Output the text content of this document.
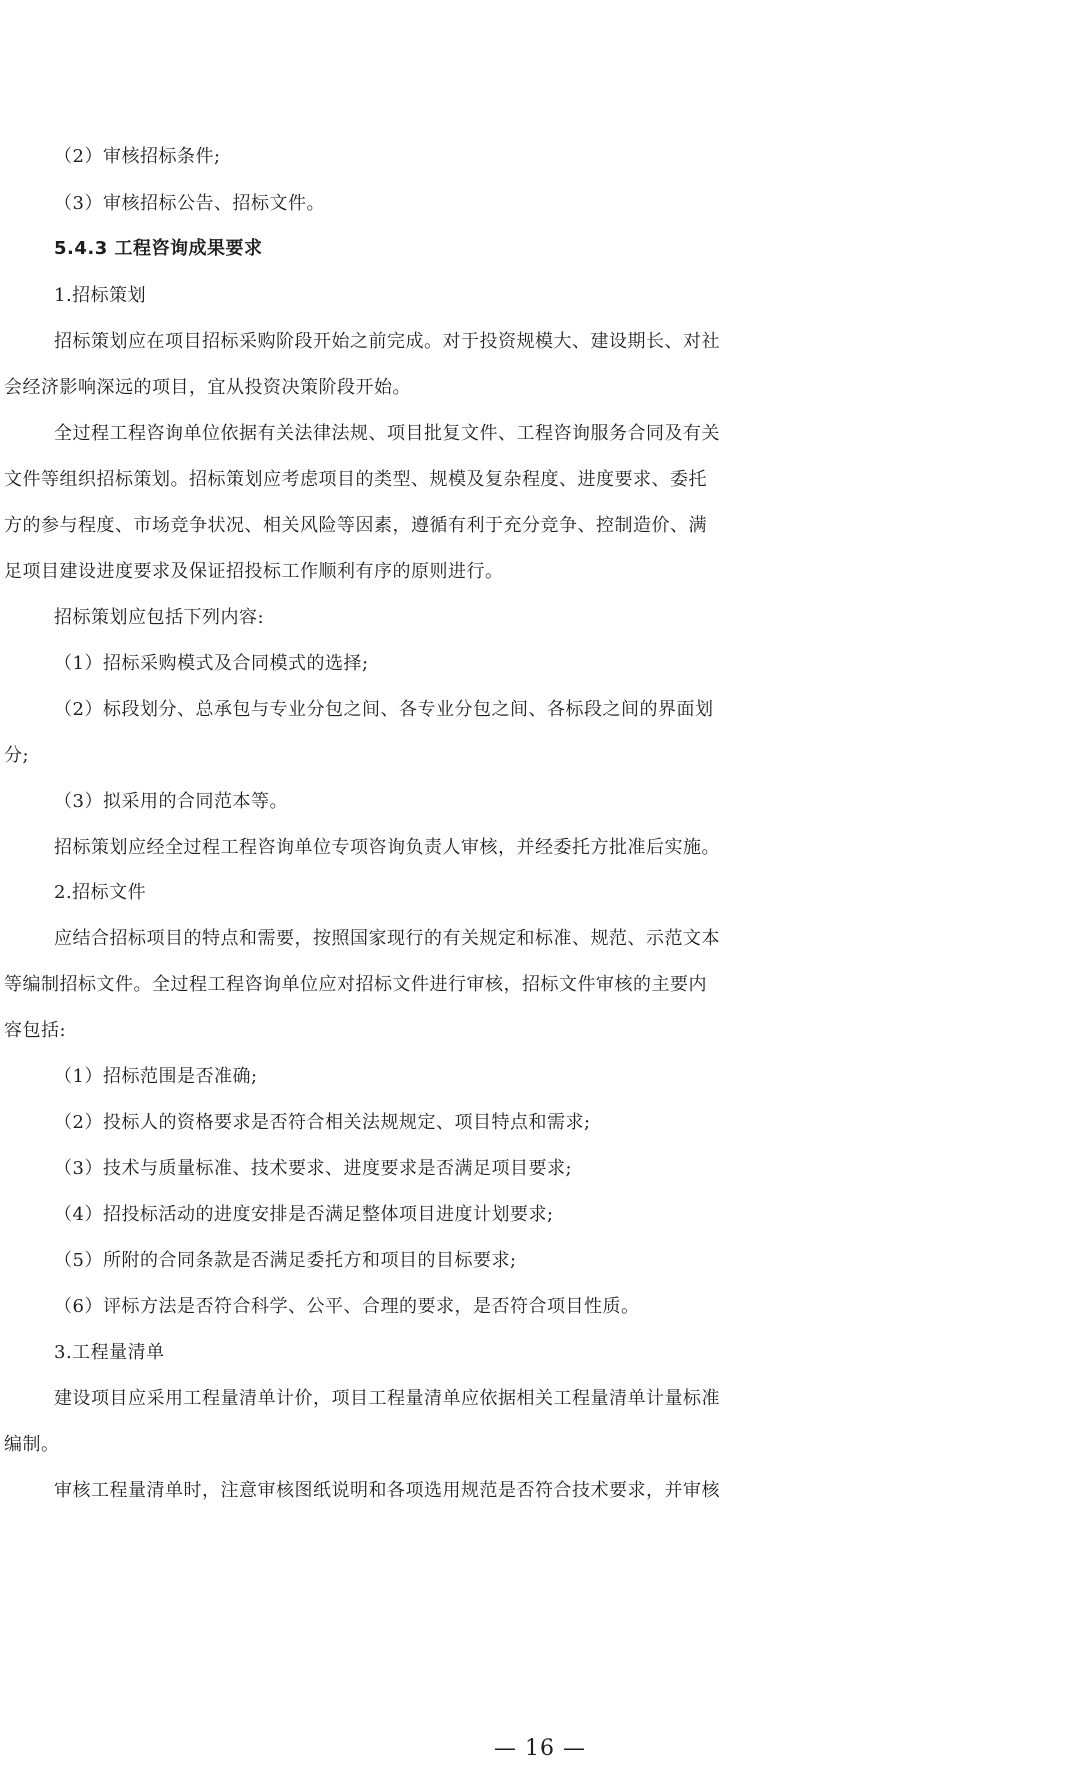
（2）审核招标条件;
（3）审核招标公告、招标文件。
5.4.3 工程咨询成果要求
1.招标策划
招标策划应在项目招标采购阶段开始之前完成。对于投资规模大、建设期长、对社
会经济影响深远的项目，宜从投资决策阶段开始。
全过程工程咨询单位依据有关法律法规、项目批复文件、工程咨询服务合同及有关
文件等组织招标策划。招标策划应考虑项目的类型、规模及复杂程度、进度要求、委托
方的参与程度、市场竞争状况、相关风险等因素，遵循有利于充分竞争、控制造价、满
足项目建设进度要求及保证招投标工作顺利有序的原则进行。
招标策划应包括下列内容:
（1）招标采购模式及合同模式的选择;
（2）标段划分、总承包与专业分包之间、各专业分包之间、各标段之间的界面划
分;
（3）拟采用的合同范本等。
招标策划应经全过程工程咨询单位专项咨询负责人审核，并经委托方批准后实施。
2.招标文件
应结合招标项目的特点和需要，按照国家现行的有关规定和标准、规范、示范文本
等编制招标文件。全过程工程咨询单位应对招标文件进行审核，招标文件审核的主要内
容包括:
（1）招标范围是否准确;
（2）投标人的资格要求是否符合相关法规规定、项目特点和需求;
（3）技术与质量标准、技术要求、进度要求是否满足项目要求;
（4）招投标活动的进度安排是否满足整体项目进度计划要求;
（5）所附的合同条款是否满足委托方和项目的目标要求;
（6）评标方法是否符合科学、公平、合理的要求，是否符合项目性质。
3.工程量清单
建设项目应采用工程量清单计价，项目工程量清单应依据相关工程量清单计量标准
编制。
审核工程量清单时，注意审核图纸说明和各项选用规范是否符合技术要求，并审核
— 16 —
